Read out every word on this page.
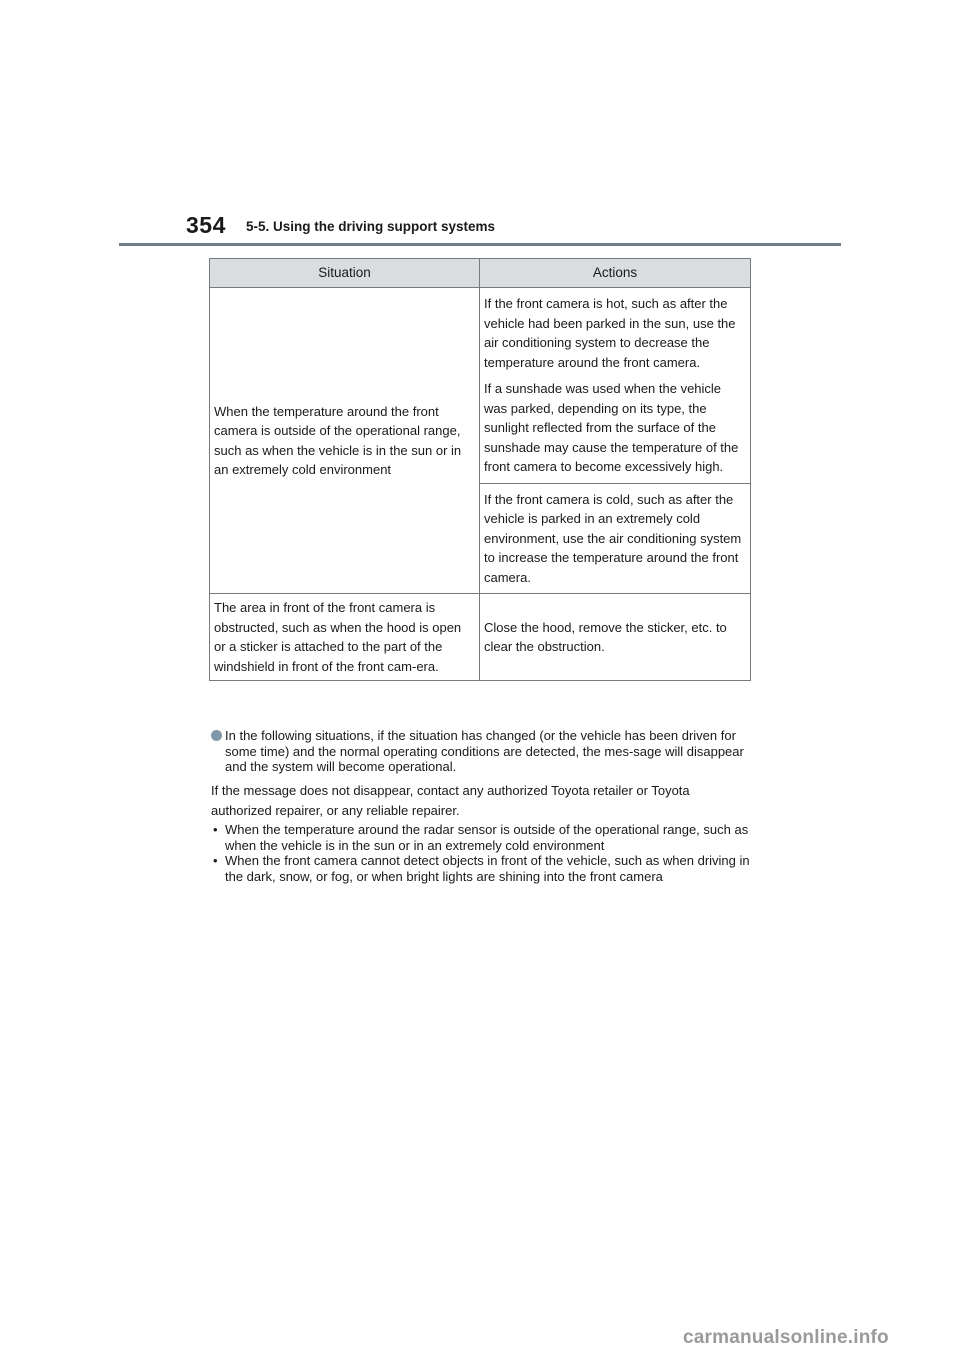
354 5-5. Using the driving support systems
Situation	Actions
When the temperature around the front camera is outside of the operational range, such as when the vehicle is in the sun or in an extremely cold environment	If the front camera is hot, such as after the vehicle had been parked in the sun, use the air conditioning system to decrease the temperature around the front camera.

If a sunshade was used when the vehicle was parked, depending on its type, the sunlight reflected from the surface of the sunshade may cause the temperature of the front camera to become excessively high.

	If the front camera is cold, such as after the vehicle is parked in an extremely cold environment, use the air conditioning system to increase the temperature around the front camera.

The area in front of the front camera is obstructed, such as when the hood is open or a sticker is attached to the part of the windshield in front of the front cam-era.	Close the hood, remove the sticker, etc. to clear the obstruction.
In the following situations, if the situation has changed (or the vehicle has been driven for some time) and the normal operating conditions are detected, the mes-sage will disappear and the system will become operational.

If the message does not disappear, contact any authorized Toyota retailer or Toyota authorized repairer, or any reliable repairer.

• When the temperature around the radar sensor is outside of the operational range, such as when the vehicle is in the sun or in an extremely cold environment
• When the front camera cannot detect objects in front of the vehicle, such as when driving in the dark, snow, or fog, or when bright lights are shining into the front camera
carmanualsonline.info
